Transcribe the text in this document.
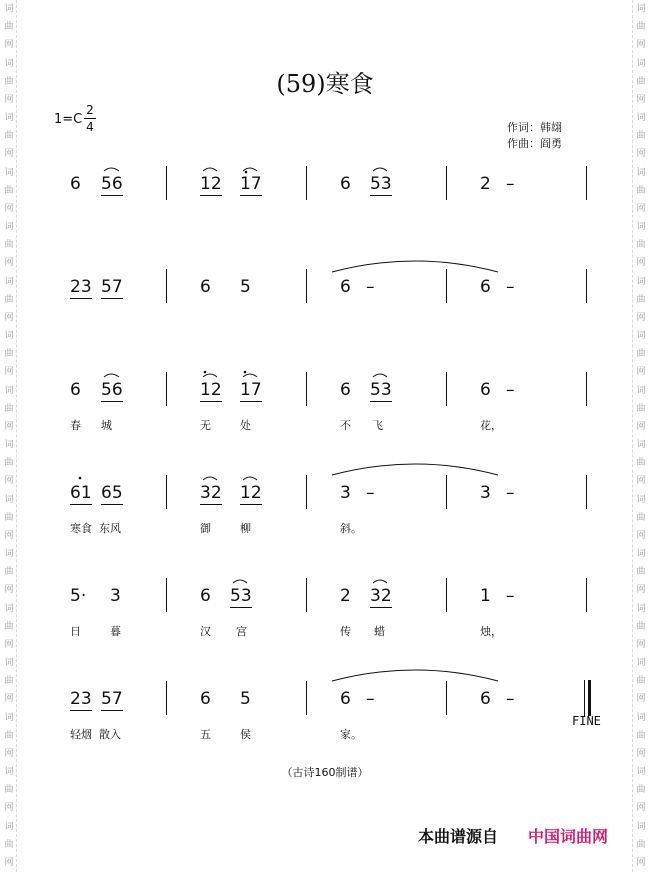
词
曲
网
词
曲
网
词
曲
网
词
曲
网
词
曲
网
词
曲
网
词
曲
网
词
曲
网
词
曲
网
词
曲
网
词
曲
网
词
曲
网
词
曲
网
词
曲
网
词
曲
网
词
曲
网
词
曲
网
词
曲
网
词
曲
网
词
曲
网
词
曲
网
词
曲
网
词
曲
网
词
曲
网
词
曲
网
词
曲
网
词
曲
网
词
曲
网
词
曲
网
词
曲
网
词
曲
网
词
曲
网
(59)寒食
1=C
2
4	作词：韩翃
作曲：阎勇
6 56	12 17	6 53	2 –
23 57	6 5	6 –	6 –
6 56	12 17	6 53	6 –
春 城	无	处	不 飞	花，
61 65	32 12	3 –	3 –
寒食 东风	御	柳	斜。
5· 3	6 53	2 32	1 –
日	暮	汉 宫	传 蜡	烛，
23 57	6 5	6 –	6 –
FINE
轻烟 散入	五	侯	家。
（古诗160制谱）
本曲谱源自 中国词曲网
